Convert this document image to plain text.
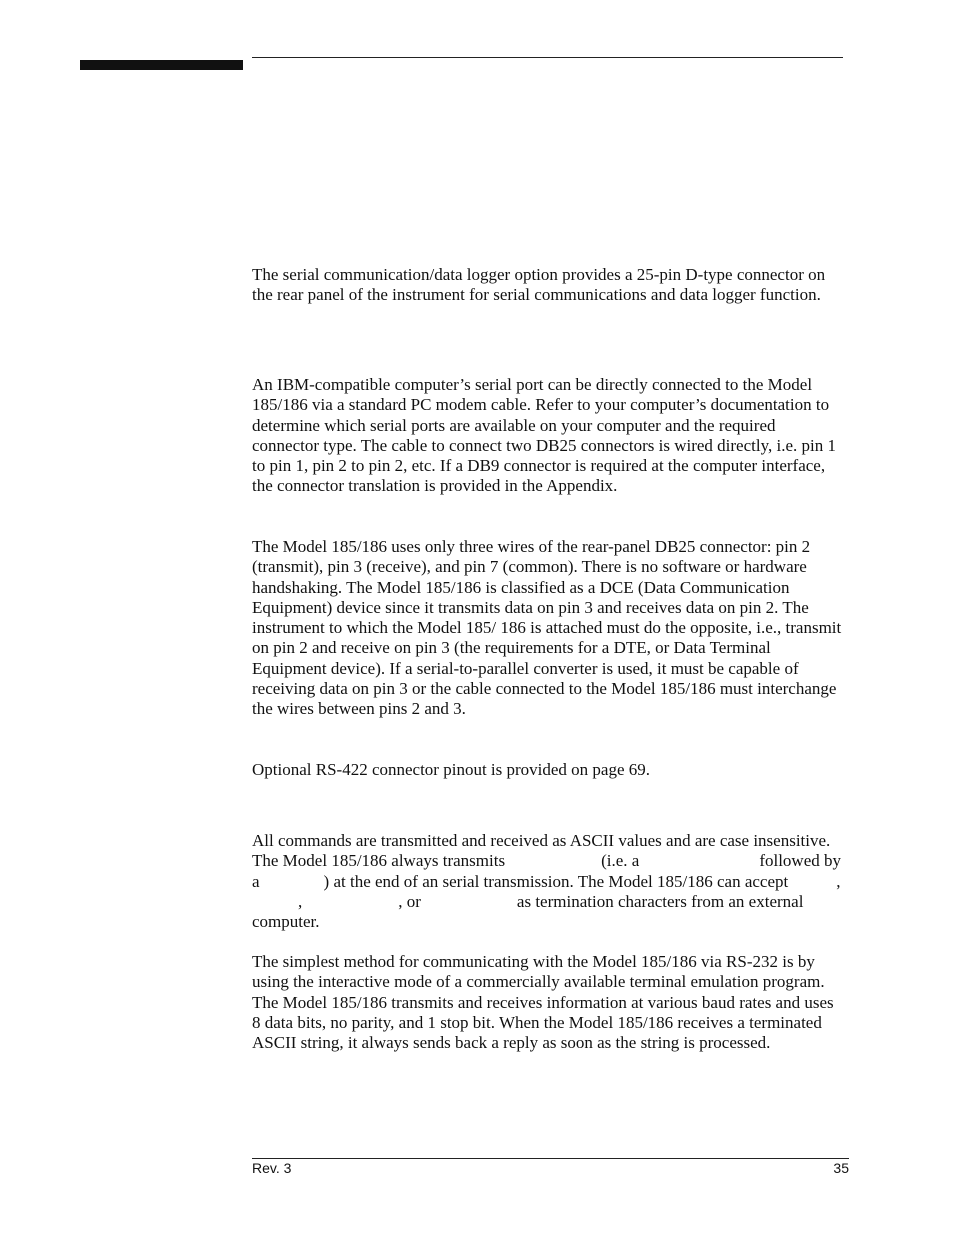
The serial communication/data logger option provides a 25-pin D-type connector on the rear panel of the instrument for serial communications and data logger function.

An IBM-compatible computer’s serial port can be directly connected to the Model 185/186 via a standard PC modem cable. Refer to your computer’s documentation to determine which serial ports are available on your computer and the required connector type. The cable to connect two DB25 connectors is wired directly, i.e. pin 1 to pin 1, pin 2 to pin 2, etc. If a DB9 connector is required at the computer interface, the connector translation is provided in the Appendix.

The Model 185/186 uses only three wires of the rear-panel DB25 connector: pin 2 (transmit), pin 3 (receive), and pin 7 (common). There is no software or hardware handshaking. The Model 185/186 is classified as a DCE (Data Communication Equipment) device since it transmits data on pin 3 and receives data on pin 2. The instrument to which the Model 185/ 186 is attached must do the opposite, i.e., transmit on pin 2 and receive on pin 3 (the requirements for a DTE, or Data Terminal Equipment device). If a serial-to-parallel converter is used, it must be capable of receiving data on pin 3 or the cable connected to the Model 185/186 must interchange the wires between pins 2 and 3.

Optional RS-422 connector pinout is provided on page 69.

All commands are transmitted and received as ASCII values and are case insensitive. The Model 185/186 always transmits	(i.e. a	followed by a	) at the end of an serial transmission. The Model 185/186 can accept	,,	, or	as termination characters from an external computer.

The simplest method for communicating with the Model 185/186 via RS-232 is by using the interactive mode of a commercially available terminal emulation program. The Model 185/186 transmits and receives information at various baud rates and uses 8 data bits, no parity, and 1 stop bit. When the Model 185/186 receives a terminated ASCII string, it always sends back a reply as soon as the string is processed.

Rev. 3	35
